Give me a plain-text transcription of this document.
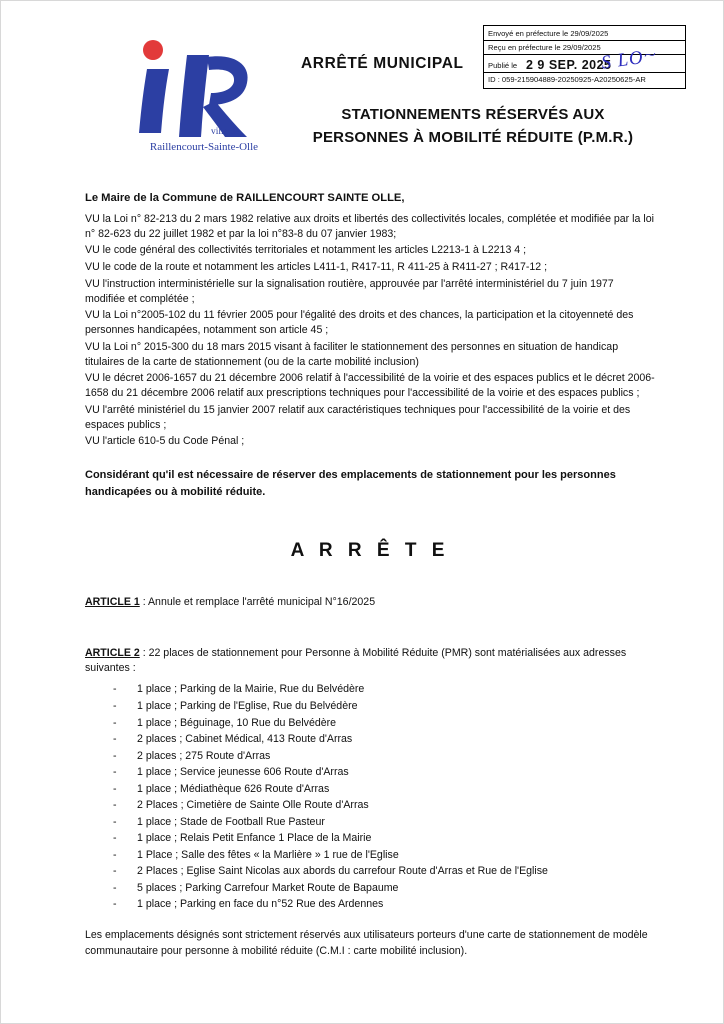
Envoyé en préfecture le 29/09/2025
Reçu en préfecture le 29/09/2025
Publié le 2 9 SEP. 2025
ID : 059-215904889-20250925-A20250625-AR
S LO~
ville de
Raillencourt-Sainte-Olle
ARRÊTÉ MUNICIPAL
STATIONNEMENTS RÉSERVÉS AUX
PERSONNES À MOBILITÉ RÉDUITE (P.M.R.)
Le Maire de la Commune de RAILLENCOURT SAINTE OLLE,

VU la Loi n° 82-213 du 2 mars 1982 relative aux droits et libertés des collectivités locales, complétée et modifiée par la loi n° 82-623 du 22 juillet 1982 et par la loi n°83-8 du 07 janvier 1983;

VU le code général des collectivités territoriales et notamment les articles L2213-1 à L2213 4 ;

VU le code de la route et notamment les articles L411-1, R417-11, R 411-25 à R411-27 ; R417-12 ;

VU l'instruction interministérielle sur la signalisation routière, approuvée par l'arrêté interministériel du 7 juin 1977 modifiée et complétée ;

VU la Loi n°2005-102 du 11 février 2005 pour l'égalité des droits et des chances, la participation et la citoyenneté des personnes handicapées, notamment son article 45 ;

VU la Loi n° 2015-300 du 18 mars 2015 visant à faciliter le stationnement des personnes en situation de handicap titulaires de la carte de stationnement (ou de la carte mobilité inclusion)

VU le décret 2006-1657 du 21 décembre 2006 relatif à l'accessibilité de la voirie et des espaces publics et le décret 2006-1658 du 21 décembre 2006 relatif aux prescriptions techniques pour l'accessibilité de la voirie et des espaces publics ;

VU l'arrêté ministériel du 15 janvier 2007 relatif aux caractéristiques techniques pour l'accessibilité de la voirie et des espaces publics ;

VU l'article 610-5 du Code Pénal ;

Considérant qu'il est nécessaire de réserver des emplacements de stationnement pour les personnes handicapées ou à mobilité réduite.
A R R Ê T E
ARTICLE 1 : Annule et remplace l'arrêté municipal N°16/2025
ARTICLE 2 : 22 places de stationnement pour Personne à Mobilité Réduite (PMR) sont matérialisées aux adresses suivantes :
- 1 place ; Parking de la Mairie, Rue du Belvédère
- 1 place ; Parking de l'Eglise, Rue du Belvédère
- 1 place ; Béguinage, 10 Rue du Belvédère
- 2 places ; Cabinet Médical, 413 Route d'Arras
- 2 places ; 275 Route d'Arras
- 1 place ; Service jeunesse 606 Route d'Arras
- 1 place ; Médiathèque 626 Route d'Arras
- 2 Places ; Cimetière de Sainte Olle Route d'Arras
- 1 place ; Stade de Football Rue Pasteur
- 1 place ; Relais Petit Enfance 1 Place de la Mairie
- 1 Place ; Salle des fêtes « la Marlière » 1 rue de l'Eglise
- 2 Places ; Eglise Saint Nicolas aux abords du carrefour Route d'Arras et Rue de l'Eglise
- 5 places ; Parking Carrefour Market Route de Bapaume
- 1 place ; Parking en face du n°52 Rue des Ardennes
Les emplacements désignés sont strictement réservés aux utilisateurs porteurs d'une carte de stationnement de modèle communautaire pour personne à mobilité réduite (C.M.I : carte mobilité inclusion).
